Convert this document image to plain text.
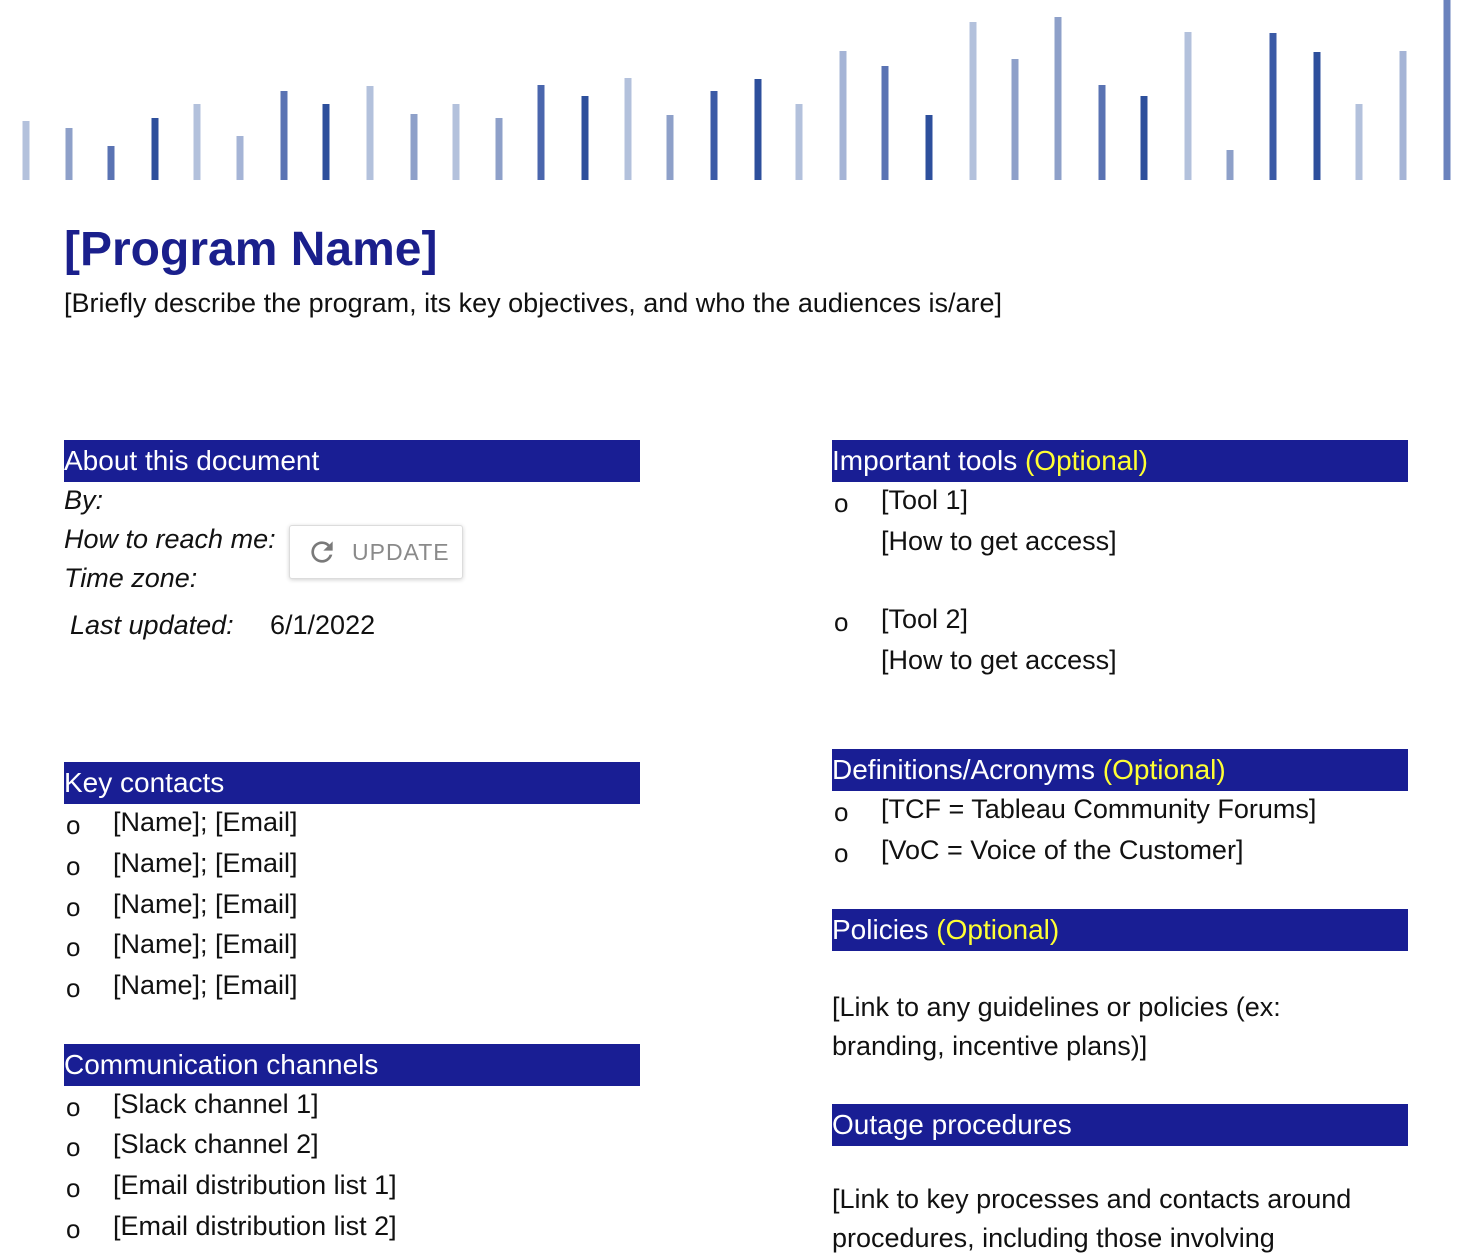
[Program Name]
[Briefly describe the program, its key objectives, and who the audiences is/are]
About this document
By:
How to reach me:
Time zone:
Last updated: 6/1/2022
UPDATE
Key contacts
o [Name]; [Email]
o [Name]; [Email]
o [Name]; [Email]
o [Name]; [Email]
o [Name]; [Email]
Communication channels
o [Slack channel 1]
o [Slack channel 2]
o [Email distribution list 1]
o [Email distribution list 2]
Important tools (Optional)
o [Tool 1]
[How to get access]
o [Tool 2]
[How to get access]
Definitions/Acronyms (Optional)
o [TCF = Tableau Community Forums]
o [VoC = Voice of the Customer]
Policies (Optional)
[Link to any guidelines or policies (ex:
branding, incentive plans)]
Outage procedures
[Link to key processes and contacts around
procedures, including those involving
